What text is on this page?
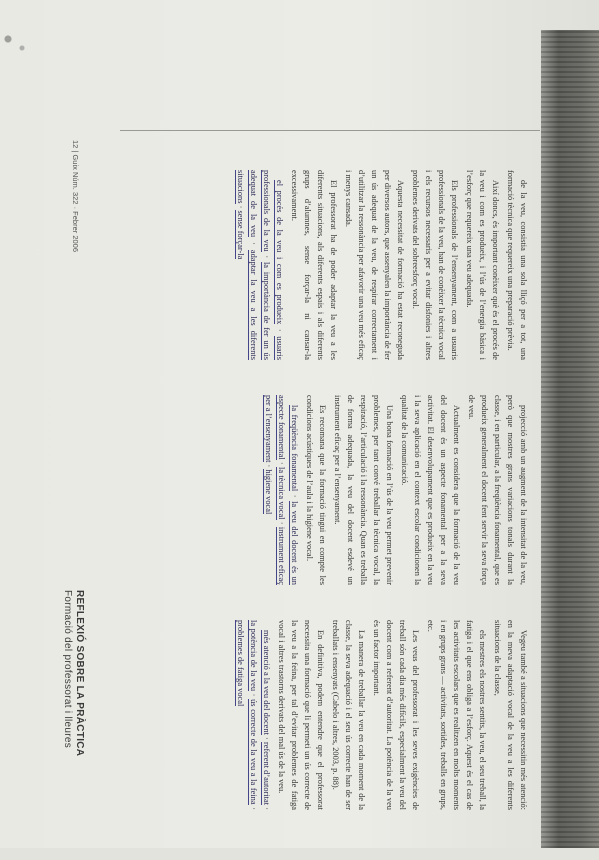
REFLEXIÓ SOBRE LA PRÀCTICA
Formació del professorat i lleures
12 | Guix Núm. 322 · Febrer 2006

Vegeu també a situacions que necessitin més atenció: en la meva adaptació vocal de la veu a les diferents situacions de la classe,

els mestres els nostres sentits, la veu, el seu treball, la fatiga i el que ens obliga a l’esforç. Aquest és el cas de les activitats escolars que es realitzen en molts moments i en grups grans — activitats, sortides, treballs en grups, etc.

Les veus del professorat i les seves exigències de treball són cada dia més difícils, especialment la veu del docent com a referent d’autoritat. La potència de la veu és un factor important.

La manera de treballar la veu en cada moment de la classe, la seva adequació i el seu ús correcte han de ser treballats i ensenyats (Cabelo i altres, 2003, p. 88).

En definitiva, podem entendre que el professorat necessita una formació que li permeti un ús correcte de la veu a la feina, per tal d’evitar problemes de fatiga vocal i altres trastorns derivats del mal ús de la veu.

més atenció a la veu del docent · referent d’autoritat · la potència de la veu · ús correcte de la veu a la feina · problemes de fatiga vocal

projecció amb un augment de la intensitat de la veu, però que mostres grans variacions tonals durant la classe, i en particular, a la freqüència fonamental, que es produeix generalment el docent fent servir la seva força de veu.

Actualment es considera que la formació de la veu del docent és un aspecte fonamental per a la seva activitat. El desenvolupament que es produeix en la veu i la seva aplicació en el context escolar condicionen la qualitat de la comunicació.

Una bona formació en l’ús de la veu permet prevenir problemes, per tant convé treballar la tècnica vocal, la respiració, l’articulació i la ressonància. Quan es treballa de forma adequada, la veu del docent esdevé un instrument eficaç per a l’ensenyament.

Es recomana que la formació tingui en compte les condicions acústiques de l’aula i la higiene vocal.

la freqüència fonamental · la veu del docent és un aspecte fonamental · la tècnica vocal · instrument eficaç per a l’ensenyament · higiene vocal

de la veu, consistia una sola lliçó per a tot, una formació tècnica que requereix una preparació prèvia.

Així doncs, és important conèixer què és el procés de la veu i com es produeix, i l’ús de l’energia bàsica i l’esforç que requereix una veu adequada.

Els professionals de l’ensenyament, com a usuaris professionals de la veu, han de conèixer la tècnica vocal i els recursos necessaris per a evitar disfonies i altres problemes derivats del sobreesforç vocal.

Aquesta necessitat de formació ha estat reconeguda per diversos autors, que assenyalen la importància de fer un ús adequat de la veu, de respirar correctament i d’utilitzar la ressonància per afavorir una veu més eficaç i menys cansada.

El professorat ha de poder adaptar la veu a les diferents situacions, als diferents espais i als diferents grups d’alumnes, sense forçar-la ni cansar-la excessivament.

el procés de la veu i com es produeix · usuaris professionals de la veu · la importància de fer un ús adequat de la veu · adaptar la veu a les diferents situacions · sense forçar-la
